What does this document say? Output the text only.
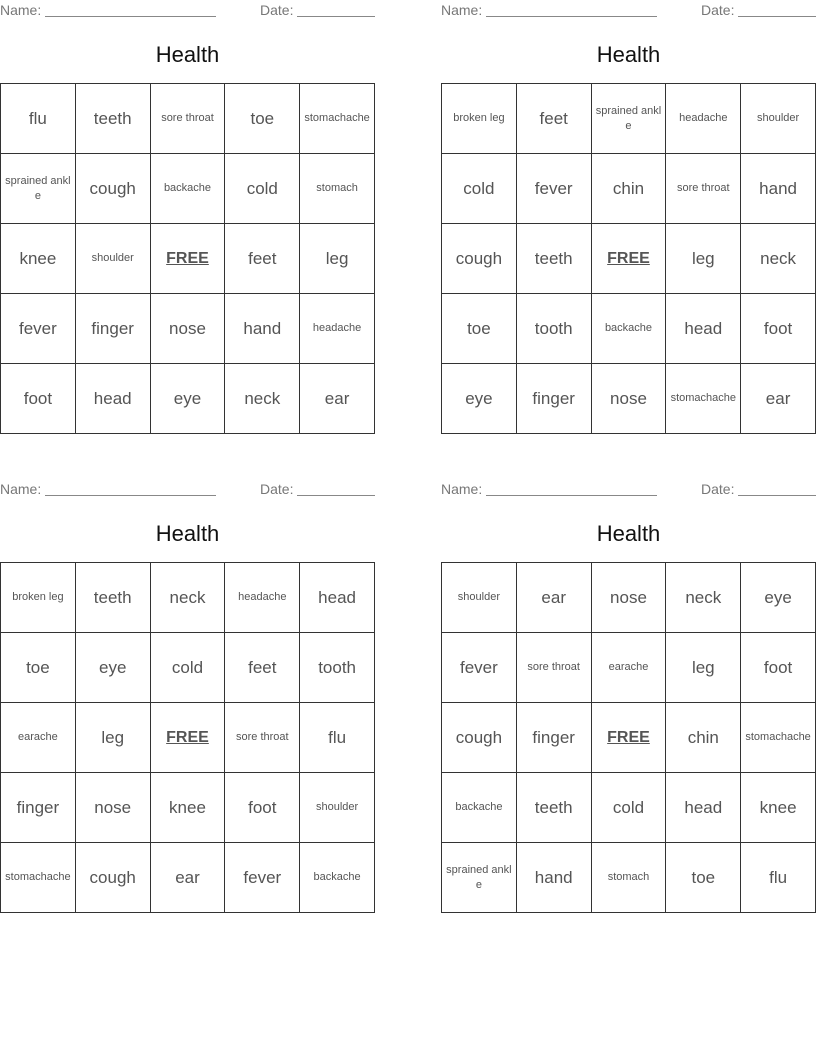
Name:	Date:
Health
flu	teeth	sore throat	toe	stomachache
sprained ankle	cough	backache	cold	stomach
knee	shoulder	FREE	feet	leg
fever	finger	nose	hand	headache
foot	head	eye	neck	ear
Name:	Date:
Health
broken leg	feet	sprained ankle	headache	shoulder
cold	fever	chin	sore throat	hand
cough	teeth	FREE	leg	neck
toe	tooth	backache	head	foot
eye	finger	nose	stomachache	ear
Name:	Date:
Health
broken leg	teeth	neck	headache	head
toe	eye	cold	feet	tooth
earache	leg	FREE	sore throat	flu
finger	nose	knee	foot	shoulder
stomachache	cough	ear	fever	backache
Name:	Date:
Health
shoulder	ear	nose	neck	eye
fever	sore throat	earache	leg	foot
cough	finger	FREE	chin	stomachache
backache	teeth	cold	head	knee
sprained ankle	hand	stomach	toe	flu
